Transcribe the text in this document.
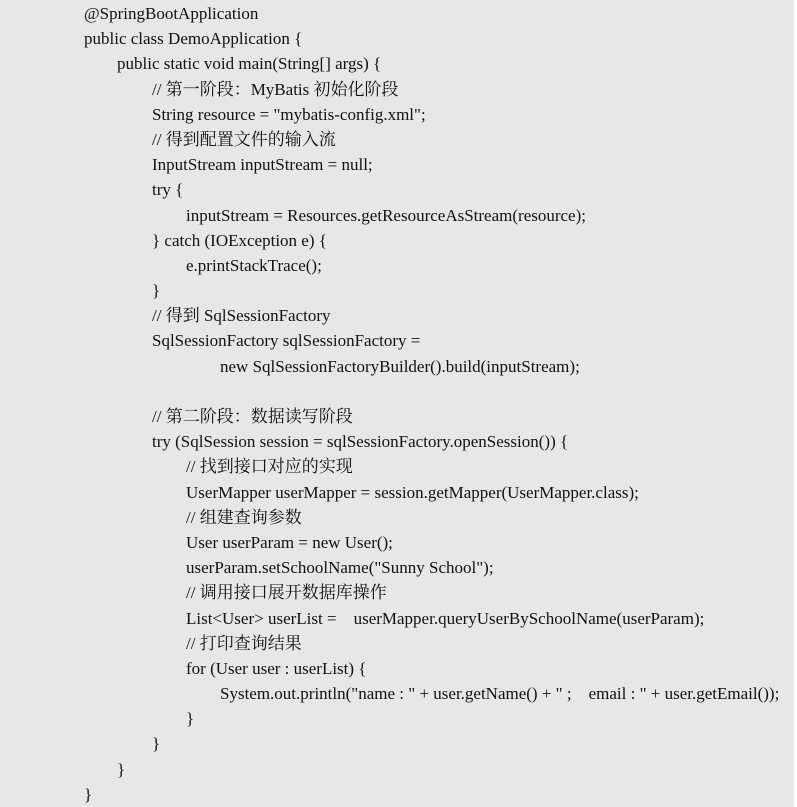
@SpringBootApplication
public class DemoApplication {
public static void main(String[] args) {
// 第一阶段：MyBatis 初始化阶段
String resource = "mybatis-config.xml";
// 得到配置文件的输入流
InputStream inputStream = null;
try {
inputStream = Resources.getResourceAsStream(resource);
} catch (IOException e) {
e.printStackTrace();
}
// 得到 SqlSessionFactory
SqlSessionFactory sqlSessionFactory =
new SqlSessionFactoryBuilder().build(inputStream);
// 第二阶段：数据读写阶段
try (SqlSession session = sqlSessionFactory.openSession()) {
// 找到接口对应的实现
UserMapper userMapper = session.getMapper(UserMapper.class);
// 组建查询参数
User userParam = new User();
userParam.setSchoolName("Sunny School");
// 调用接口展开数据库操作
List<User> userList =    userMapper.queryUserBySchoolName(userParam);
// 打印查询结果
for (User user : userList) {
System.out.println("name : " + user.getName() + " ;    email : " + user.getEmail());
}
}
}
}
